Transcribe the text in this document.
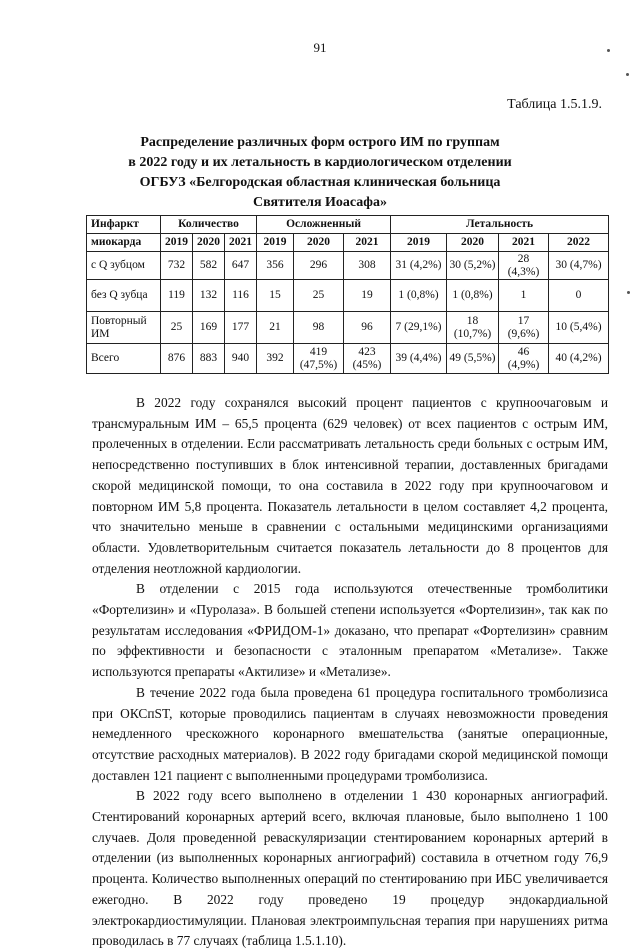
91
Таблица 1.5.1.9.
Распределение различных форм острого ИМ по группам
в 2022 году и их летальность в кардиологическом отделении
ОГБУЗ «Белгородская областная клиническая больница
Святителя Иоасафа»
Инфаркт	Количество			Осложненный			Летальность			
миокарда	2019	2020	2021	2019	2020	2021	2019	2020	2021	2022
с Q зубцом	732	582	647	356	296	308	31 (4,2%)	30 (5,2%)	28 (4,3%)	30 (4,7%)
без Q зубца	119	132	116	15	25	19	1 (0,8%)	1 (0,8%)	1	0
Повторный ИМ	25	169	177	21	98	96	7 (29,1%)	18 (10,7%)	17 (9,6%)	10 (5,4%)
Всего	876	883	940	392	419 (47,5%)	423 (45%)	39 (4,4%)	49 (5,5%)	46 (4,9%)	40 (4,2%)

В 2022 году сохранялся высокий процент пациентов с крупноочаговым и трансмуральным ИМ – 65,5 процента (629 человек) от всех пациентов с острым ИМ, пролеченных в отделении. Если рассматривать летальность среди больных с острым ИМ, непосредственно поступивших в блок интенсивной терапии, доставленных бригадами скорой медицинской помощи, то она составила в 2022 году при крупноочаговом и повторном ИМ 5,8 процента. Показатель летальности в целом составляет 4,2 процента, что значительно меньше в сравнении с остальными медицинскими организациями области. Удовлетворительным считается показатель летальности до 8 процентов для отделения неотложной кардиологии.

В отделении с 2015 года используются отечественные тромболитики «Фортелизин» и «Пуролаза». В большей степени используется «Фортелизин», так как по результатам исследования «ФРИДОМ-1» доказано, что препарат «Фортелизин» сравним по эффективности и безопасности с эталонным препаратом «Метализе». Также используются препараты «Актилизе» и «Метализе».

В течение 2022 года была проведена 61 процедура госпитального тромболизиса при ОКСпST, которые проводились пациентам в случаях невозможности проведения немедленного чрескожного коронарного вмешательства (занятые операционные, отсутствие расходных материалов). В 2022 году бригадами скорой медицинской помощи доставлен 121 пациент с выполненными процедурами тромболизиса.

В 2022 году всего выполнено в отделении 1 430 коронарных ангиографий. Стентирований коронарных артерий всего, включая плановые, было выполнено 1 100 случаев. Доля проведенной реваскуляризации стентированием коронарных артерий в отделении (из выполненных коронарных ангиографий) составила в отчетном году 76,9 процента. Количество выполненных операций по стентированию при ИБС увеличивается ежегодно. В 2022 году проведено 19 процедур эндокардиальной электрокардиостимуляции. Плановая электроимпульсная терапия при нарушениях ритма проводилась в 77 случаях (таблица 1.5.1.10).
